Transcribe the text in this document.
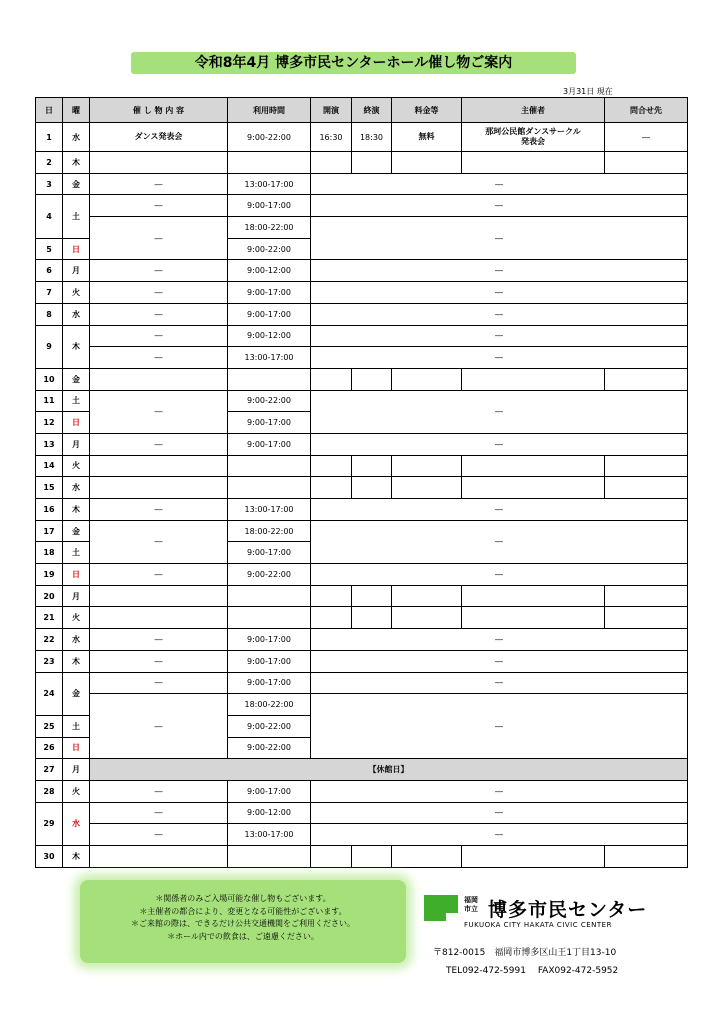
令和8年4月 博多市民センターホール催し物ご案内
3月31日 現在
日	曜	催 し 物 内 容	利用時間	開演	終演	料金等	主催者	問合せ先
1	水	ダンス発表会	9:00-22:00	16:30	18:30	無料	那珂公民館ダンスサークル
発表会	―
2	木							
3	金	―	13:00-17:00	―				
4	土	―	9:00-17:00	―				
		―	18:00-22:00	―				
5	日		9:00-22:00					
6	月	―	9:00-12:00	―				
7	火	―	9:00-17:00	―				
8	水	―	9:00-17:00	―				
9	木	―	9:00-12:00	―				
		―	13:00-17:00	―				
10	金							
11	土	―	9:00-22:00	―				
12	日		9:00-17:00					
13	月	―	9:00-17:00	―				
14	火							
15	水							
16	木	―	13:00-17:00	―				
17	金	―	18:00-22:00	―				
18	土		9:00-17:00					
19	日	―	9:00-22:00	―				
20	月							
21	火							
22	水	―	9:00-17:00	―				
23	木	―	9:00-17:00	―				
24	金	―	9:00-17:00	―				
		―	18:00-22:00	―				
25	土		9:00-22:00					
26	日		9:00-22:00					
27	月	【休館日】						
28	火	―	9:00-17:00	―				
29	水	―	9:00-12:00	―				
		―	13:00-17:00	―				
30	木							
＊関係者のみご入場可能な催し物もございます。
＊主催者の都合により、変更となる可能性がございます。
＊ご来館の際は、できるだけ公共交通機関をご利用ください。
＊ホール内での飲食は、ご遠慮ください。
福岡
市立 博多市民センター
FUKUOKA CITY HAKATA CIVIC CENTER
〒812-0015　福岡市博多区山王1丁目13-10
TEL092-472-5991　 FAX092-472-5952
